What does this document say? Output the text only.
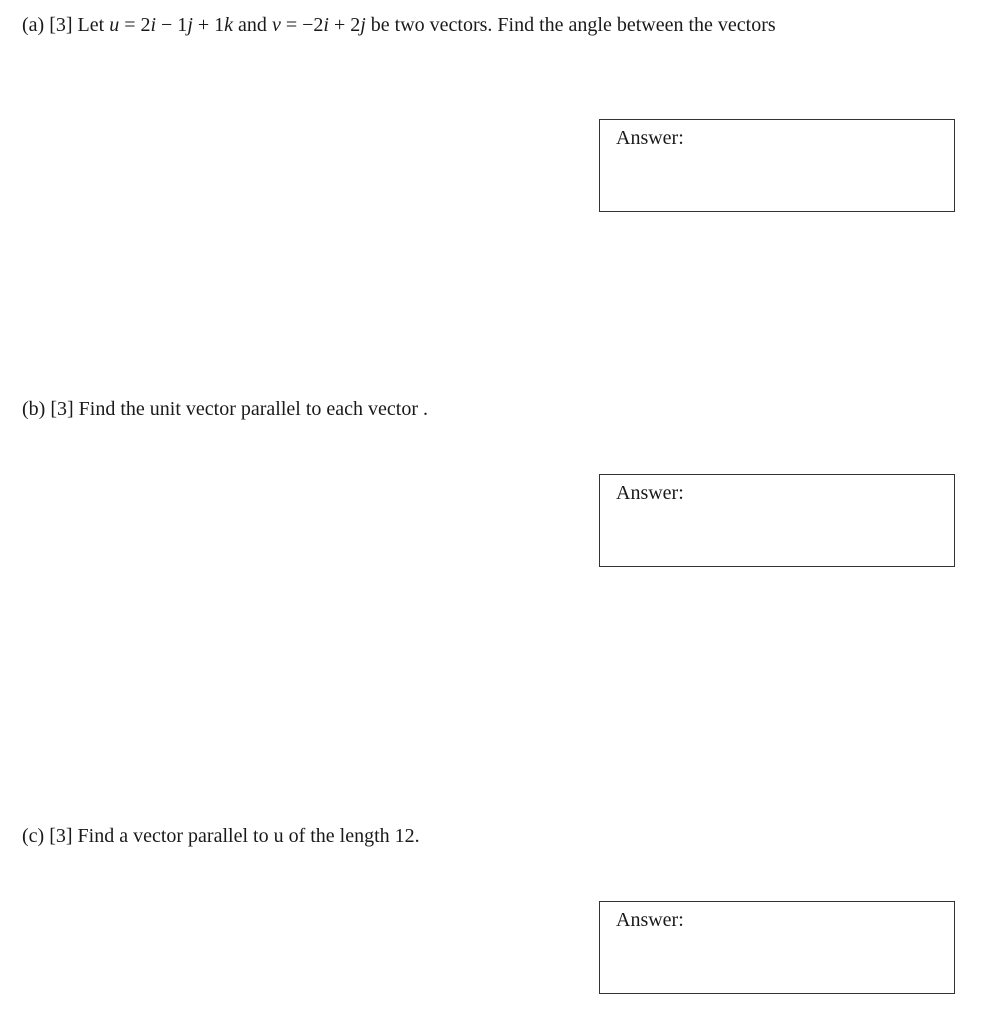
(a) [3] Let u = 2i − 1j + 1k and v = −2i + 2j be two vectors. Find the angle between the vectors
Answer:
(b) [3] Find the unit vector parallel to each vector .
Answer:
(c) [3] Find a vector parallel to u of the length 12.
Answer:
